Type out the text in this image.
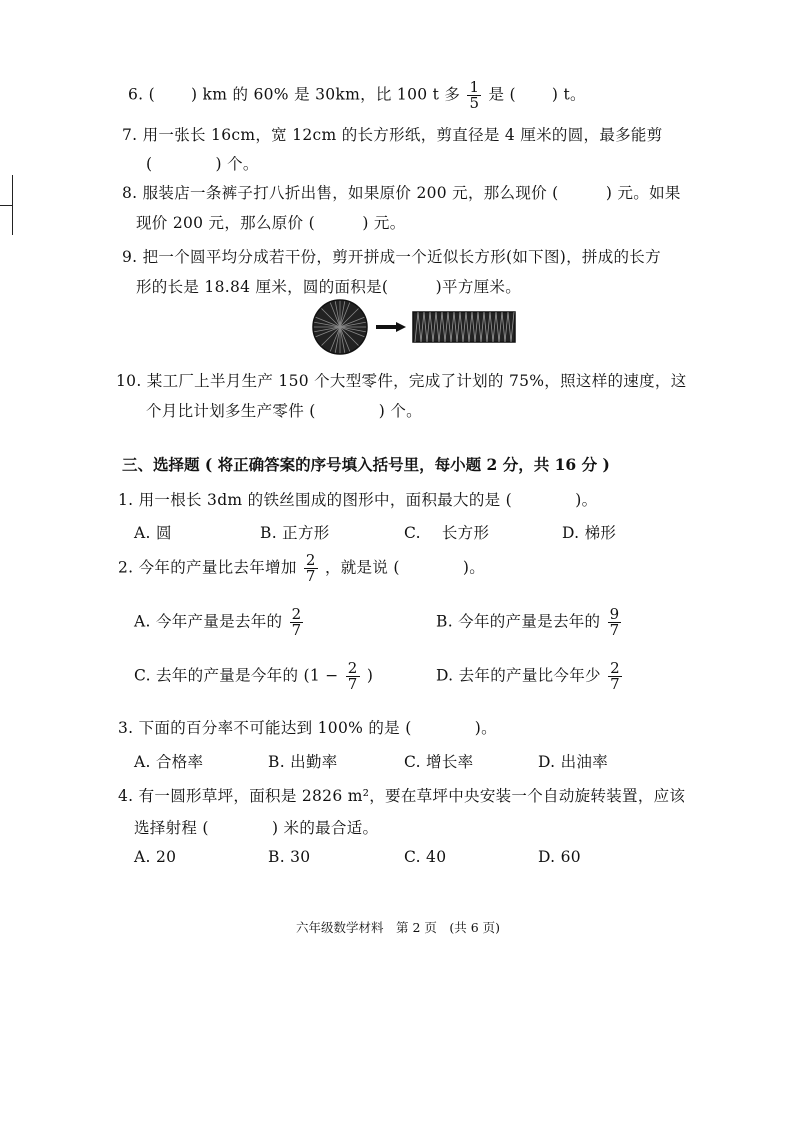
6. ( ) km 的 60% 是 30km，比 100 t 多 $\frac{1}{5}$ 是 ( ) t。
7. 用一张长 16cm，宽 12cm 的长方形纸，剪直径是 4 厘米的圆，最多能剪
(　　　　) 个。
8. 服装店一条裤子打八折出售，如果原价 200 元，那么现价 (　　　) 元。如果
现价 200 元，那么原价 (　　　) 元。
9. 把一个圆平均分成若干份，剪开拼成一个近似长方形(如下图)，拼成的长方
形的长是 18.84 厘米，圆的面积是(　　　)平方厘米。
10. 某工厂上半月生产 150 个大型零件，完成了计划的 75%，照这样的速度，这
个月比计划多生产零件 (　　　　) 个。
三、选择题 ( 将正确答案的序号填入括号里，每小题 2 分，共 16 分 )
1. 用一根长 3dm 的铁丝围成的图形中，面积最大的是 (　　　　)。
A. 圆	B. 正方形	C.　 长方形	D. 梯形
2. 今年的产量比去年增加 $\frac{2}{7}$ ，就是说 (　　　　)。
A. 今年产量是去年的 $\frac{2}{7}$	B. 今年的产量是去年的 $\frac{9}{7}$
C. 去年的产量是今年的 ($1 - \frac{2}{7}$ )	D. 去年的产量比今年少 $\frac{2}{7}$
3. 下面的百分率不可能达到 100% 的是 (　　　　)。
A. 合格率	B. 出勤率	C. 增长率	D. 出油率
4. 有一圆形草坪，面积是 2826 m²，要在草坪中央安装一个自动旋转装置，应该
选择射程 (　　　　) 米的最合适。
A. 20	B. 30	C. 40	D. 60
六年级数学材料　第 2 页　(共 6 页)
